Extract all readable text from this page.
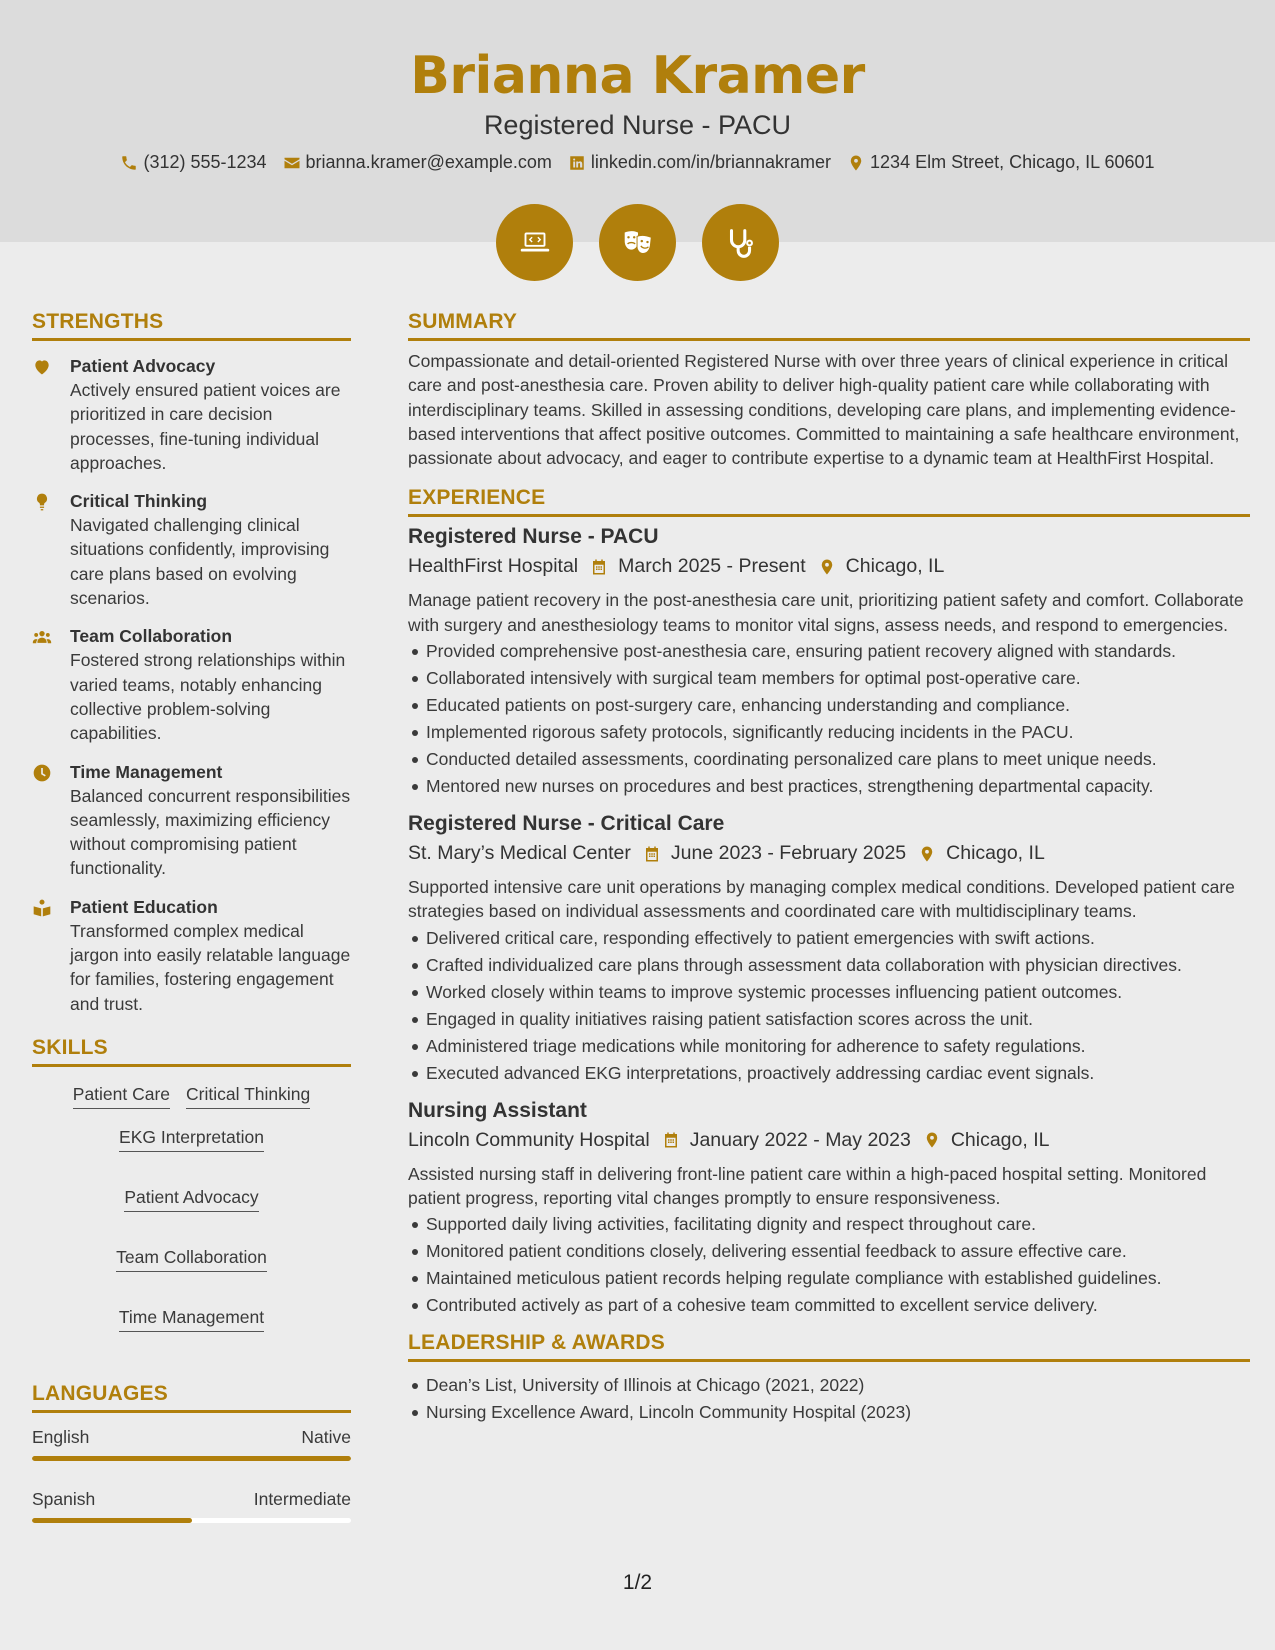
Brianna Kramer
Registered Nurse - PACU
(312) 555-1234 brianna.kramer@example.com linkedin.com/in/briannakramer 1234 Elm Street, Chicago, IL 60601
STRENGTHS
Patient Advocacy
Actively ensured patient voices are prioritized in care decision processes, fine-tuning individual approaches.
Critical Thinking
Navigated challenging clinical situations confidently, improvising care plans based on evolving scenarios.
Team Collaboration
Fostered strong relationships within varied teams, notably enhancing collective problem-solving capabilities.
Time Management
Balanced concurrent responsibilities seamlessly, maximizing efficiency without compromising patient functionality.
Patient Education
Transformed complex medical jargon into easily relatable language for families, fostering engagement and trust.
SKILLS
Patient Care Critical Thinking
EKG Interpretation
Patient Advocacy
Team Collaboration
Time Management
LANGUAGES
English	Native
Spanish	Intermediate
SUMMARY

Compassionate and detail-oriented Registered Nurse with over three years of clinical experience in critical care and post-anesthesia care. Proven ability to deliver high-quality patient care while collaborating with interdisciplinary teams. Skilled in assessing conditions, developing care plans, and implementing evidence-based interventions that affect positive outcomes. Committed to maintaining a safe healthcare environment, passionate about advocacy, and eager to contribute expertise to a dynamic team at HealthFirst Hospital.

EXPERIENCE
Registered Nurse - PACU
HealthFirst Hospital March 2025 - Present Chicago, IL

Manage patient recovery in the post-anesthesia care unit, prioritizing patient safety and comfort. Collaborate with surgery and anesthesiology teams to monitor vital signs, assess needs, and respond to emergencies.

Provided comprehensive post-anesthesia care, ensuring patient recovery aligned with standards.
Collaborated intensively with surgical team members for optimal post-operative care.
Educated patients on post-surgery care, enhancing understanding and compliance.
Implemented rigorous safety protocols, significantly reducing incidents in the PACU.
Conducted detailed assessments, coordinating personalized care plans to meet unique needs.
Mentored new nurses on procedures and best practices, strengthening departmental capacity.
Registered Nurse - Critical Care
St. Mary’s Medical Center June 2023 - February 2025 Chicago, IL

Supported intensive care unit operations by managing complex medical conditions. Developed patient care strategies based on individual assessments and coordinated care with multidisciplinary teams.

Delivered critical care, responding effectively to patient emergencies with swift actions.
Crafted individualized care plans through assessment data collaboration with physician directives.
Worked closely within teams to improve systemic processes influencing patient outcomes.
Engaged in quality initiatives raising patient satisfaction scores across the unit.
Administered triage medications while monitoring for adherence to safety regulations.
Executed advanced EKG interpretations, proactively addressing cardiac event signals.
Nursing Assistant
Lincoln Community Hospital January 2022 - May 2023 Chicago, IL

Assisted nursing staff in delivering front-line patient care within a high-paced hospital setting. Monitored patient progress, reporting vital changes promptly to ensure responsiveness.

Supported daily living activities, facilitating dignity and respect throughout care.
Monitored patient conditions closely, delivering essential feedback to assure effective care.
Maintained meticulous patient records helping regulate compliance with established guidelines.
Contributed actively as part of a cohesive team committed to excellent service delivery.
LEADERSHIP & AWARDS
Dean’s List, University of Illinois at Chicago (2021, 2022)
Nursing Excellence Award, Lincoln Community Hospital (2023)
1/2
